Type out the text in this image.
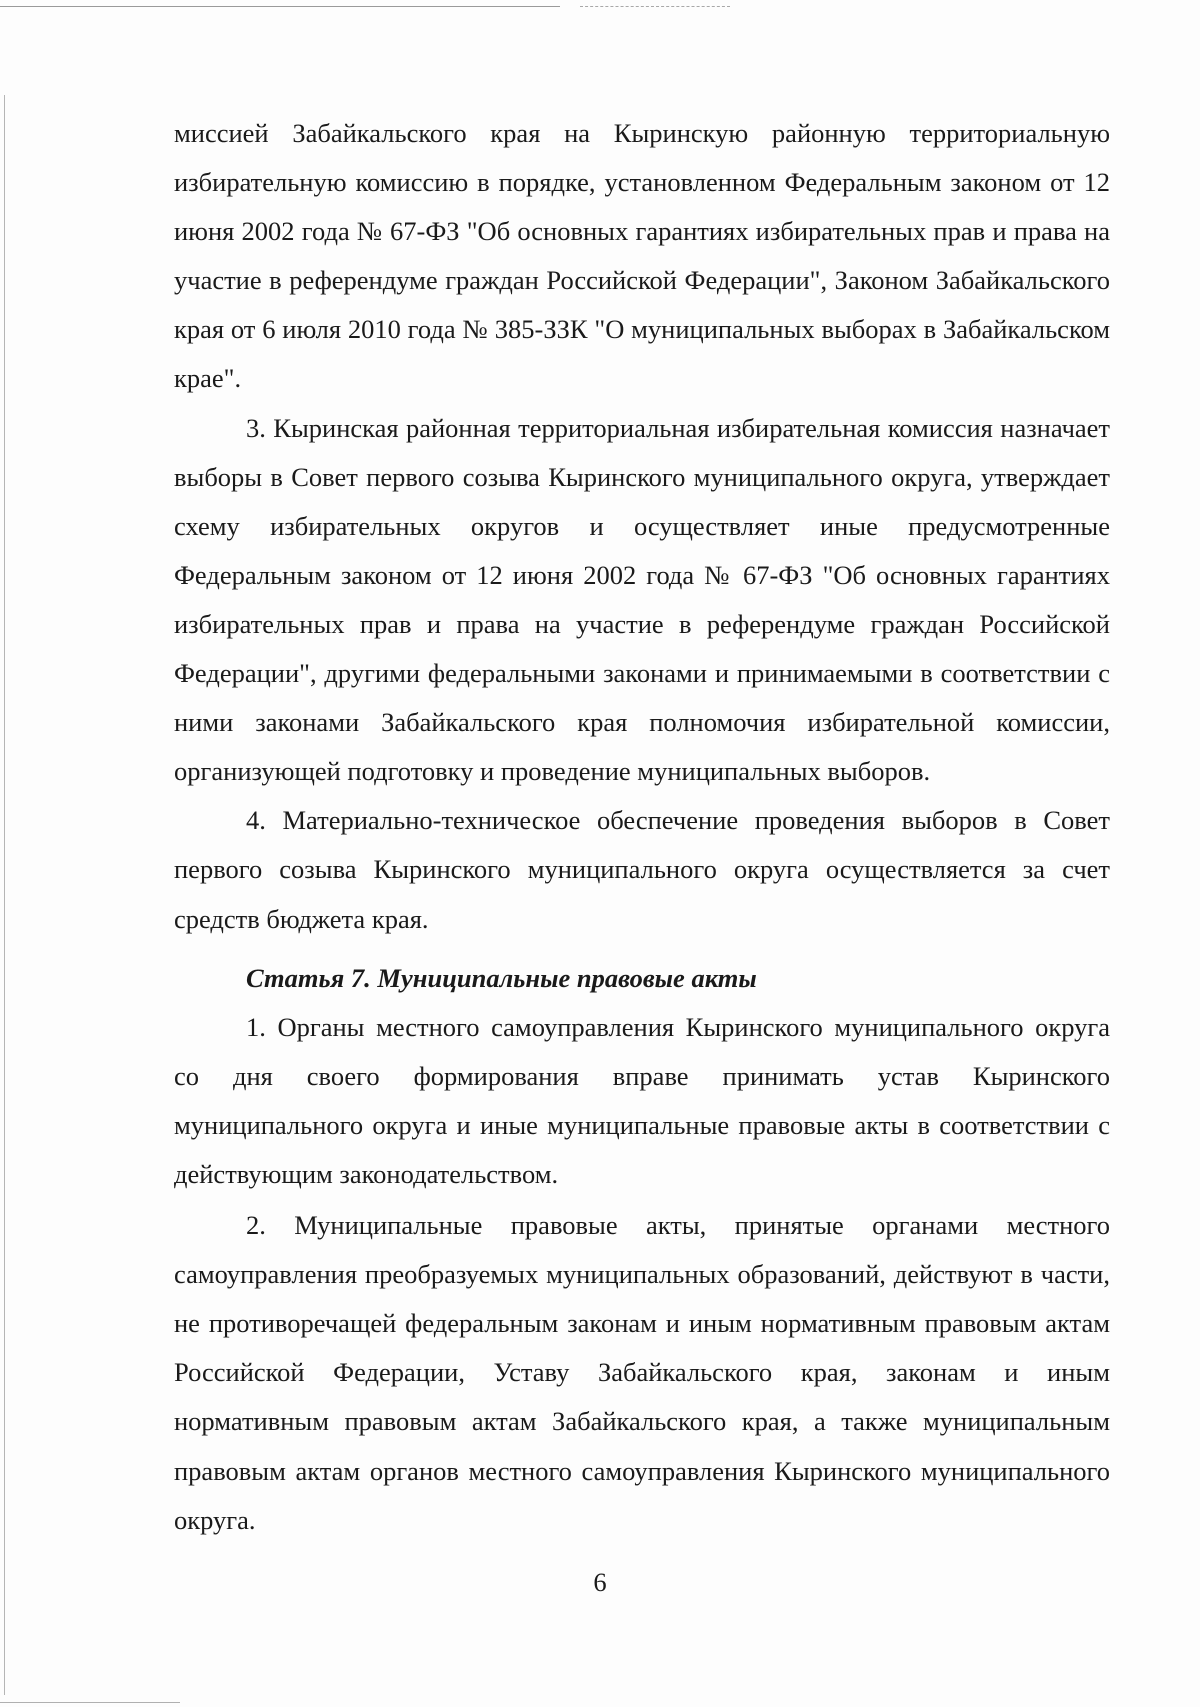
миссией Забайкальского края на Кыринскую районную территориальную избирательную комиссию в порядке, установленном Федеральным законом от 12 июня 2002 года № 67-ФЗ "Об основных гарантиях избирательных прав и права на участие в референдуме граждан Российской Федерации", Законом Забайкальского края от 6 июля 2010 года № 385-ЗЗК "О муниципальных выборах в Забайкальском крае".

3. Кыринская районная территориальная избирательная комиссия назначает выборы в Совет первого созыва Кыринского муниципального округа, утверждает схему избирательных округов и осуществляет иные предусмотренные Федеральным законом от 12 июня 2002 года № 67-ФЗ "Об основных гарантиях избирательных прав и права на участие в референдуме граждан Российской Федерации", другими федеральными законами и принимаемыми в соответствии с ними законами Забайкальского края полномочия избирательной комиссии, организующей подготовку и проведение муниципальных выборов.

4. Материально-техническое обеспечение проведения выборов в Совет первого созыва Кыринского муниципального округа осуществляется за счет средств бюджета края.

Статья 7. Муниципальные правовые акты

1. Органы местного самоуправления Кыринского муниципального округа со дня своего формирования вправе принимать устав Кыринского муниципального округа и иные муниципальные правовые акты в соответствии с действующим законодательством.

2. Муниципальные правовые акты, принятые органами местного самоуправления преобразуемых муниципальных образований, действуют в части, не противоречащей федеральным законам и иным нормативным правовым актам Российской Федерации, Уставу Забайкальского края, законам и иным нормативным правовым актам Забайкальского края, а также муниципальным правовым актам органов местного самоуправления Кыринского муниципального округа.

6
